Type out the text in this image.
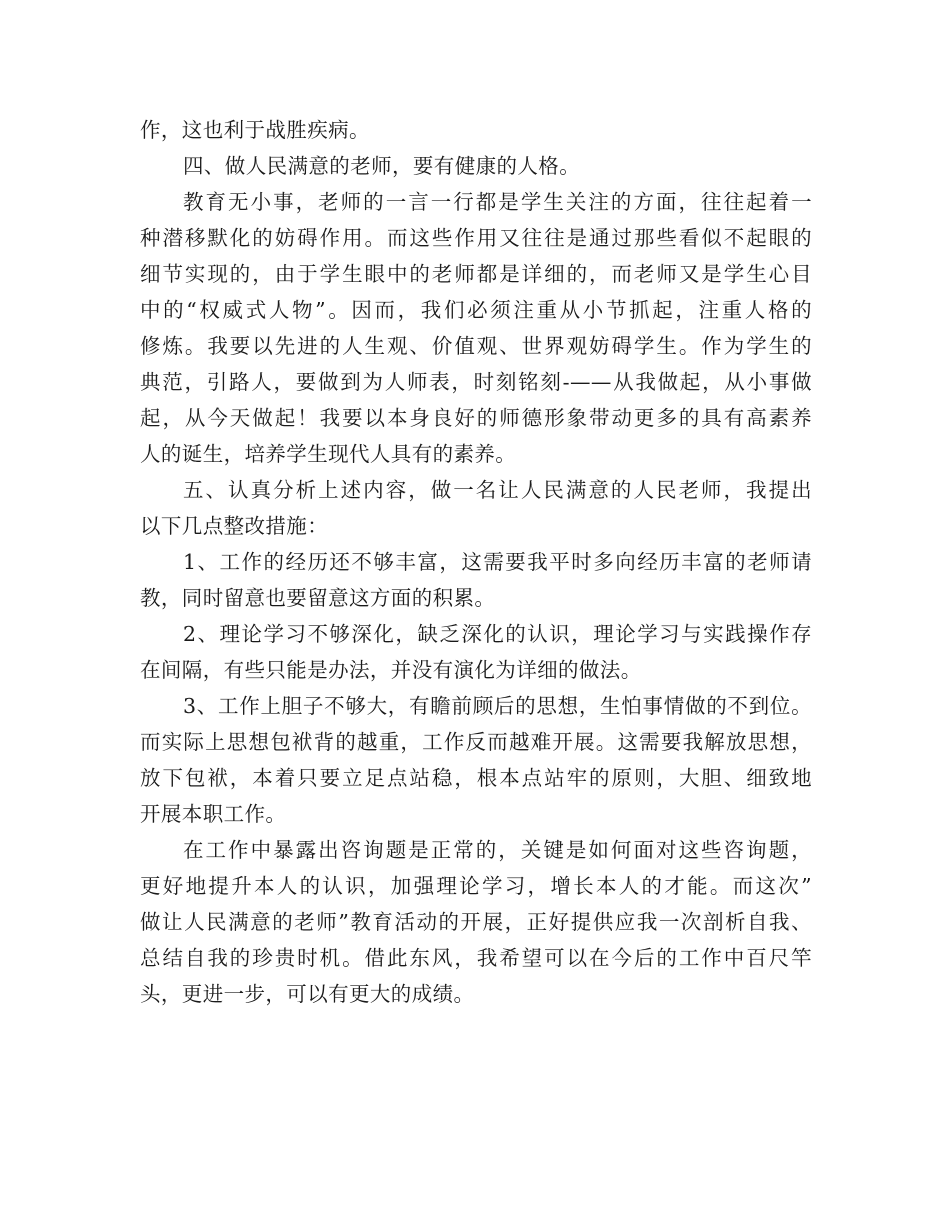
作，这也利于战胜疾病。
四、做人民满意的老师，要有健康的人格。
教育无小事，老师的一言一行都是学生关注的方面，往往起着一
种潜移默化的妨碍作用。而这些作用又往往是通过那些看似不起眼的
细节实现的，由于学生眼中的老师都是详细的，而老师又是学生心目
中的“权威式人物”。因而，我们必须注重从小节抓起，注重人格的
修炼。我要以先进的人生观、价值观、世界观妨碍学生。作为学生的
典范，引路人，要做到为人师表，时刻铭刻-——从我做起，从小事做
起，从今天做起！我要以本身良好的师德形象带动更多的具有高素养
人的诞生，培养学生现代人具有的素养。
五、认真分析上述内容，做一名让人民满意的人民老师，我提出
以下几点整改措施：
1、工作的经历还不够丰富，这需要我平时多向经历丰富的老师请
教，同时留意也要留意这方面的积累。
2、理论学习不够深化，缺乏深化的认识，理论学习与实践操作存
在间隔，有些只能是办法，并没有演化为详细的做法。
3、工作上胆子不够大，有瞻前顾后的思想，生怕事情做的不到位。
而实际上思想包袱背的越重，工作反而越难开展。这需要我解放思想，
放下包袱，本着只要立足点站稳，根本点站牢的原则，大胆、细致地
开展本职工作。
在工作中暴露出咨询题是正常的，关键是如何面对这些咨询题，
更好地提升本人的认识，加强理论学习，增长本人的才能。而这次”
做让人民满意的老师”教育活动的开展，正好提供应我一次剖析自我、
总结自我的珍贵时机。借此东风，我希望可以在今后的工作中百尺竿
头，更进一步，可以有更大的成绩。
